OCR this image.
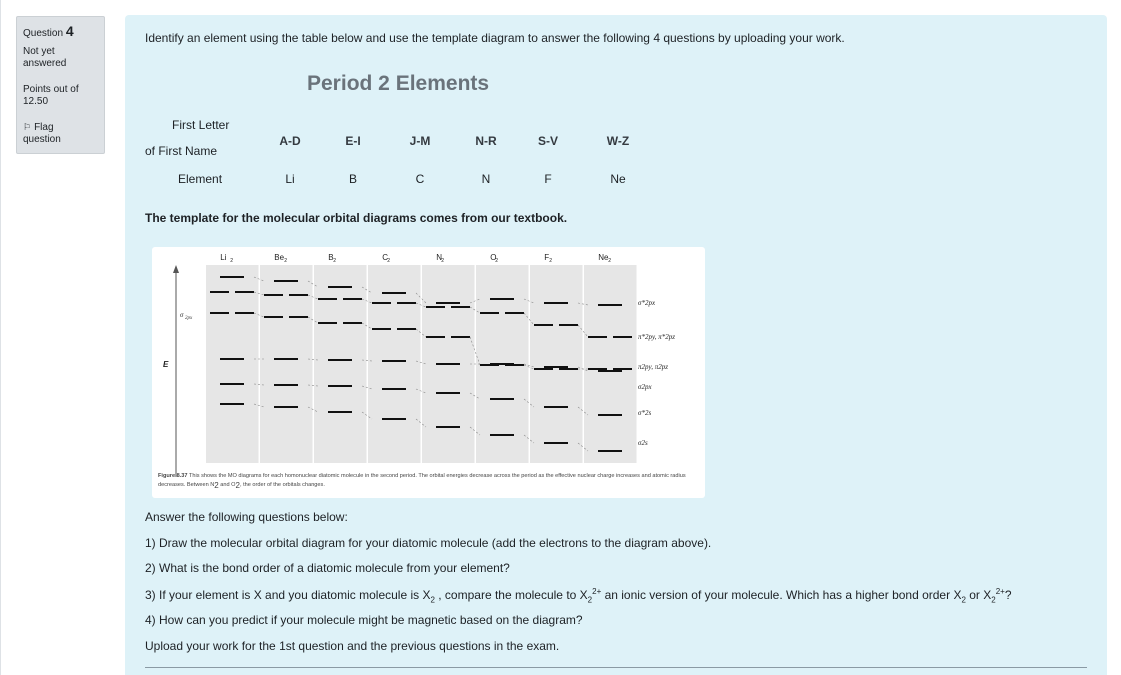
Question 4
Not yet
answered
Points out of
12.50
⚐ Flag
question
Identify an element using the table below and use the template diagram to answer the following 4 questions by uploading your work.
Period 2 Elements
First Letter
of First Name
Element
A-D	E-I	J-M	N-R	S-V	W-Z
Li	B	C	N	F	Ne
The template for the molecular orbital diagrams comes from our textbook.
Li 2	Be 2	B 2	C 2	N 2	O
2	F 2	Ne 2
E
σ 2px
σ*2px
π*2py, π*2pz
π2py, π2pz
σ2px
σ*2s
σ2s
Figure 8.37 This shows the MO diagrams for each homonuclear diatomic molecule in the second period. The orbital energies decrease across the period as the effective nuclear charge increases and atomic radius decreases. Between $N_2$ and $O_2$, the order of the orbitals changes.
Answer the following questions below:
1) Draw the molecular orbital diagram for your diatomic molecule (add the electrons to the diagram above).
2) What is the bond order of a diatomic molecule from your element?
3) If your element is X and you diatomic molecule is $X_2$ , compare the molecule to $X_2^{2+}$ an ionic version of your molecule. Which has a higher bond order $X_2$ or $X_2^{2+}$?
4) How can you predict if your molecule might be magnetic based on the diagram?
Upload your work for the 1st question and the previous questions in the exam.
